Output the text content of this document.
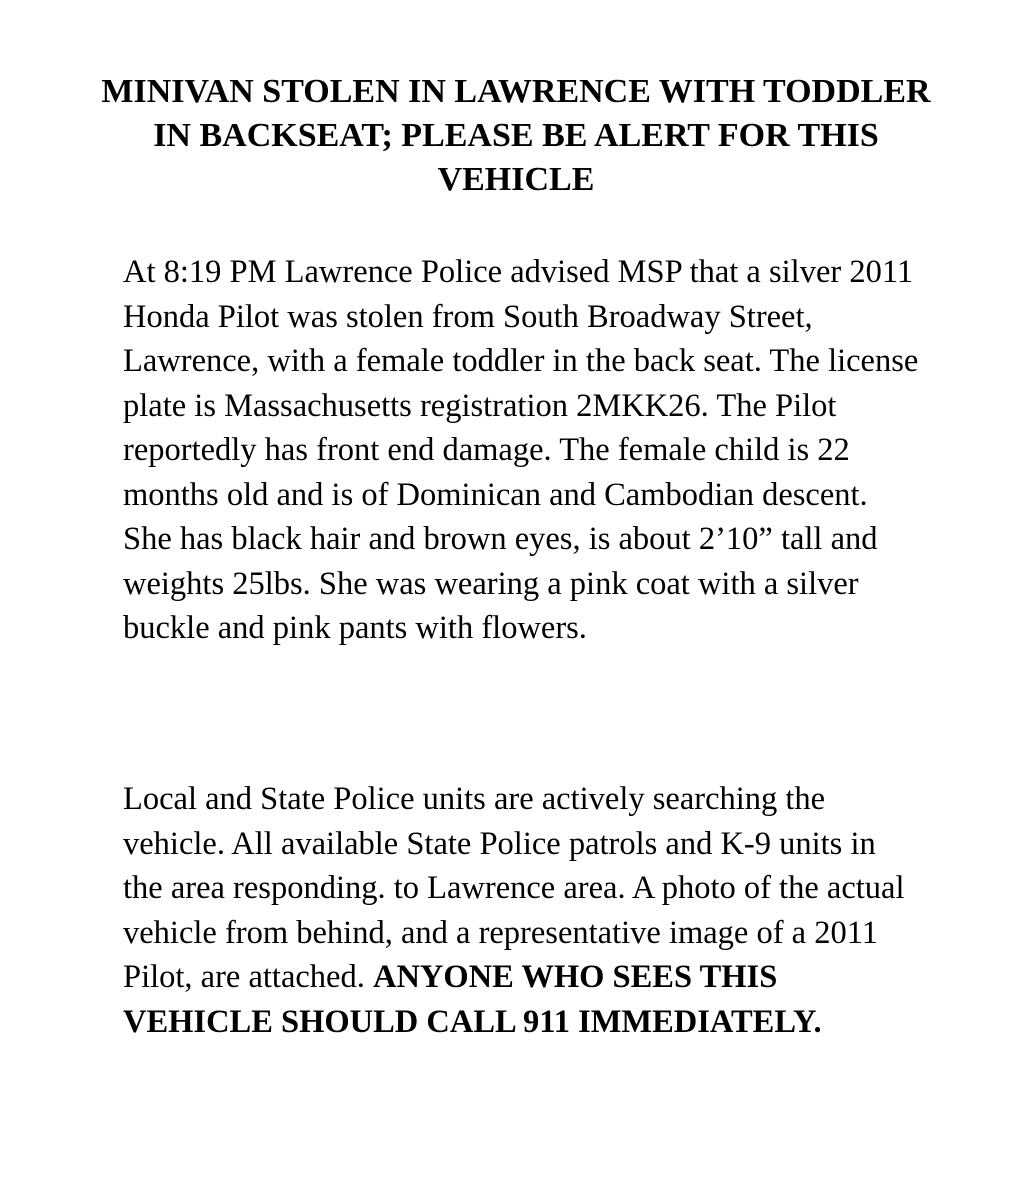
MINIVAN STOLEN IN LAWRENCE WITH TODDLER IN BACKSEAT; PLEASE BE ALERT FOR THIS VEHICLE

At 8:19 PM Lawrence Police advised MSP that a silver 2011 Honda Pilot was stolen from South Broadway Street, Lawrence, with a female toddler in the back seat. The license plate is Massachusetts registration 2MKK26. The Pilot reportedly has front end damage. The female child is 22 months old and is of Dominican and Cambodian descent. She has black hair and brown eyes, is about 2’10” tall and weights 25lbs. She was wearing a pink coat with a silver buckle and pink pants with flowers.

Local and State Police units are actively searching the vehicle. All available State Police patrols and K-9 units in the area responding. to Lawrence area. A photo of the actual vehicle from behind, and a representative image of a 2011 Pilot, are attached. ANYONE WHO SEES THIS VEHICLE SHOULD CALL 911 IMMEDIATELY.
